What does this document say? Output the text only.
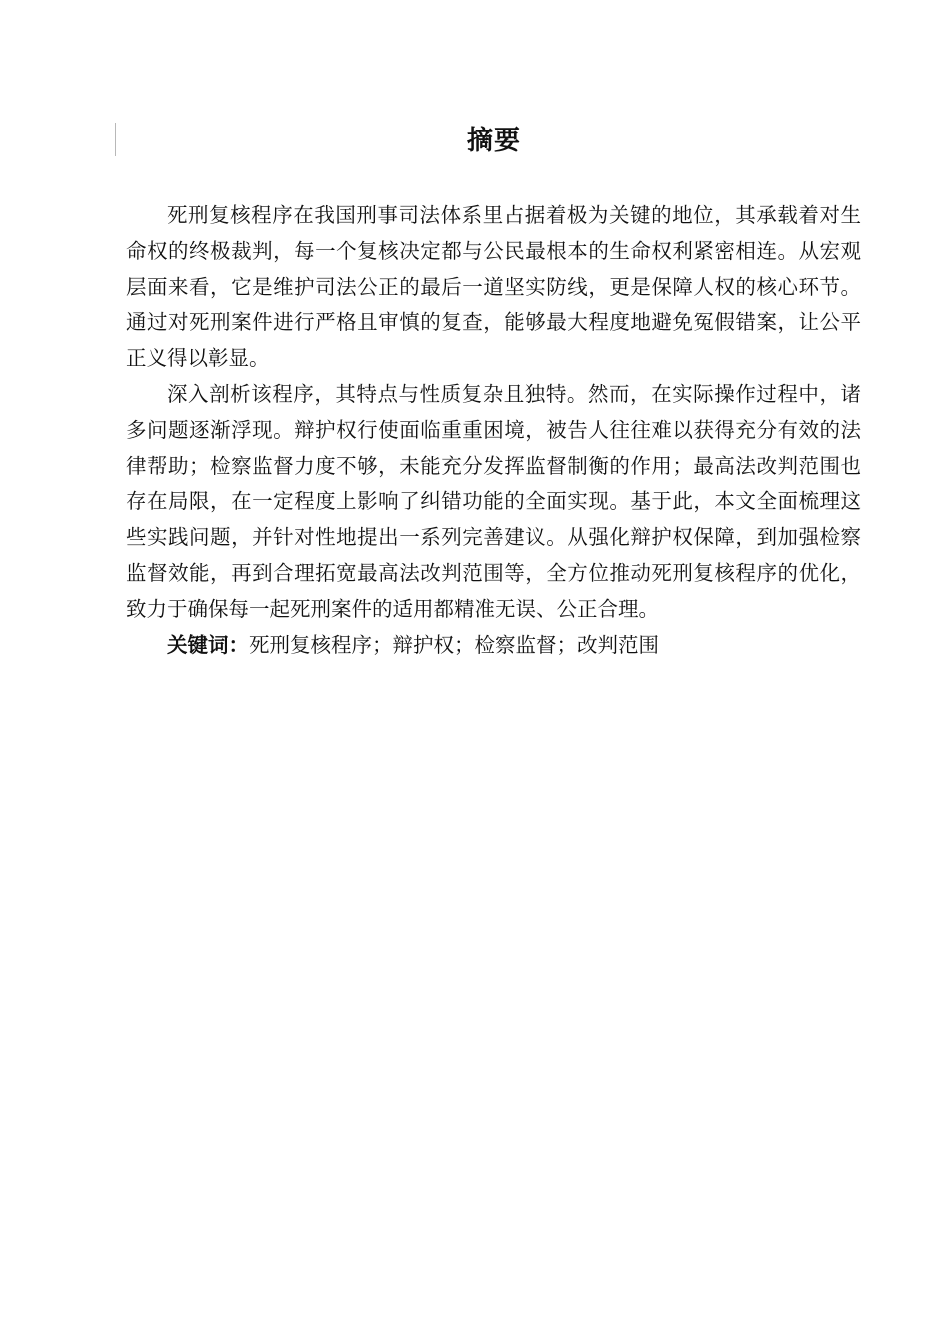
摘要

死刑复核程序在我国刑事司法体系里占据着极为关键的地位，其承载着对生命权的终极裁判，每一个复核决定都与公民最根本的生命权利紧密相连。从宏观层面来看，它是维护司法公正的最后一道坚实防线，更是保障人权的核心环节。通过对死刑案件进行严格且审慎的复查，能够最大程度地避免冤假错案，让公平正义得以彰显。

深入剖析该程序，其特点与性质复杂且独特。然而，在实际操作过程中，诸多问题逐渐浮现。辩护权行使面临重重困境，被告人往往难以获得充分有效的法律帮助；检察监督力度不够，未能充分发挥监督制衡的作用；最高法改判范围也存在局限，在一定程度上影响了纠错功能的全面实现。基于此，本文全面梳理这些实践问题，并针对性地提出一系列完善建议。从强化辩护权保障，到加强检察监督效能，再到合理拓宽最高法改判范围等，全方位推动死刑复核程序的优化，致力于确保每一起死刑案件的适用都精准无误、公正合理。

关键词：死刑复核程序；辩护权；检察监督；改判范围
